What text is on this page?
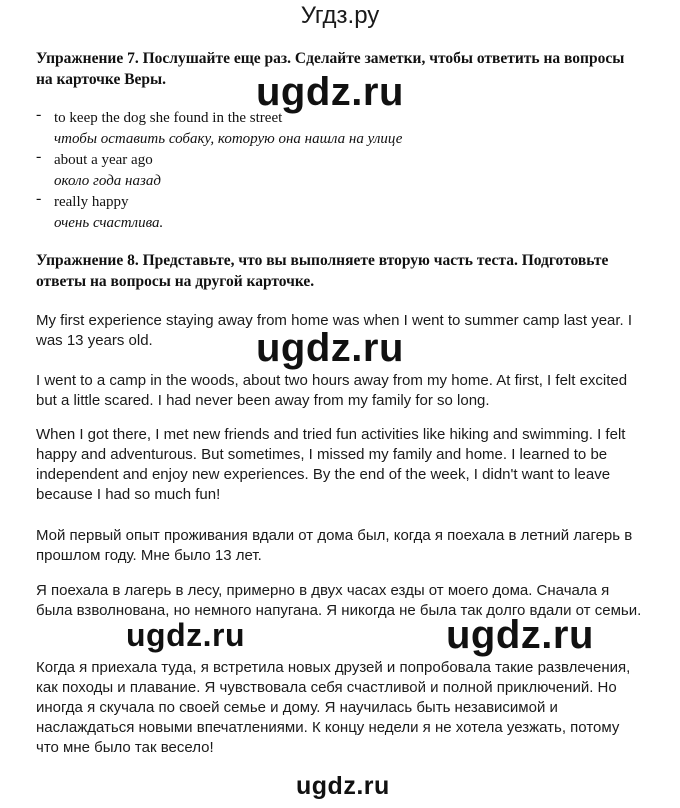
Угдз.ру

Упражнение 7. Послушайте еще раз. Сделайте заметки, чтобы ответить на вопросы на карточке Веры.

- to keep the dog she found in the street
чтобы оставить собаку, которую она нашла на улице
- about a year ago
около года назад
- really happy
очень счастлива.

Упражнение 8. Представьте, что вы выполняете вторую часть теста. Подготовьте ответы на вопросы на другой карточке.

My first experience staying away from home was when I went to summer camp last year. I was 13 years old.

I went to a camp in the woods, about two hours away from my home. At first, I felt excited but a little scared. I had never been away from my family for so long.

When I got there, I met new friends and tried fun activities like hiking and swimming. I felt happy and adventurous. But sometimes, I missed my family and home. I learned to be independent and enjoy new experiences. By the end of the week, I didn't want to leave because I had so much fun!

Мой первый опыт проживания вдали от дома был, когда я поехала в летний лагерь в прошлом году. Мне было 13 лет.

Я поехала в лагерь в лесу, примерно в двух часах езды от моего дома. Сначала я была взволнована, но немного напугана. Я никогда не была так долго вдали от семьи.

Когда я приехала туда, я встретила новых друзей и попробовала такие развлечения, как походы и плавание. Я чувствовала себя счастливой и полной приключений. Но иногда я скучала по своей семье и дому. Я научилась быть независимой и наслаждаться новыми впечатлениями. К концу недели я не хотела уезжать, потому что мне было так весело!

ugdz.ru
ugdz.ru
ugdz.ru	ugdz.ru
ugdz.ru
